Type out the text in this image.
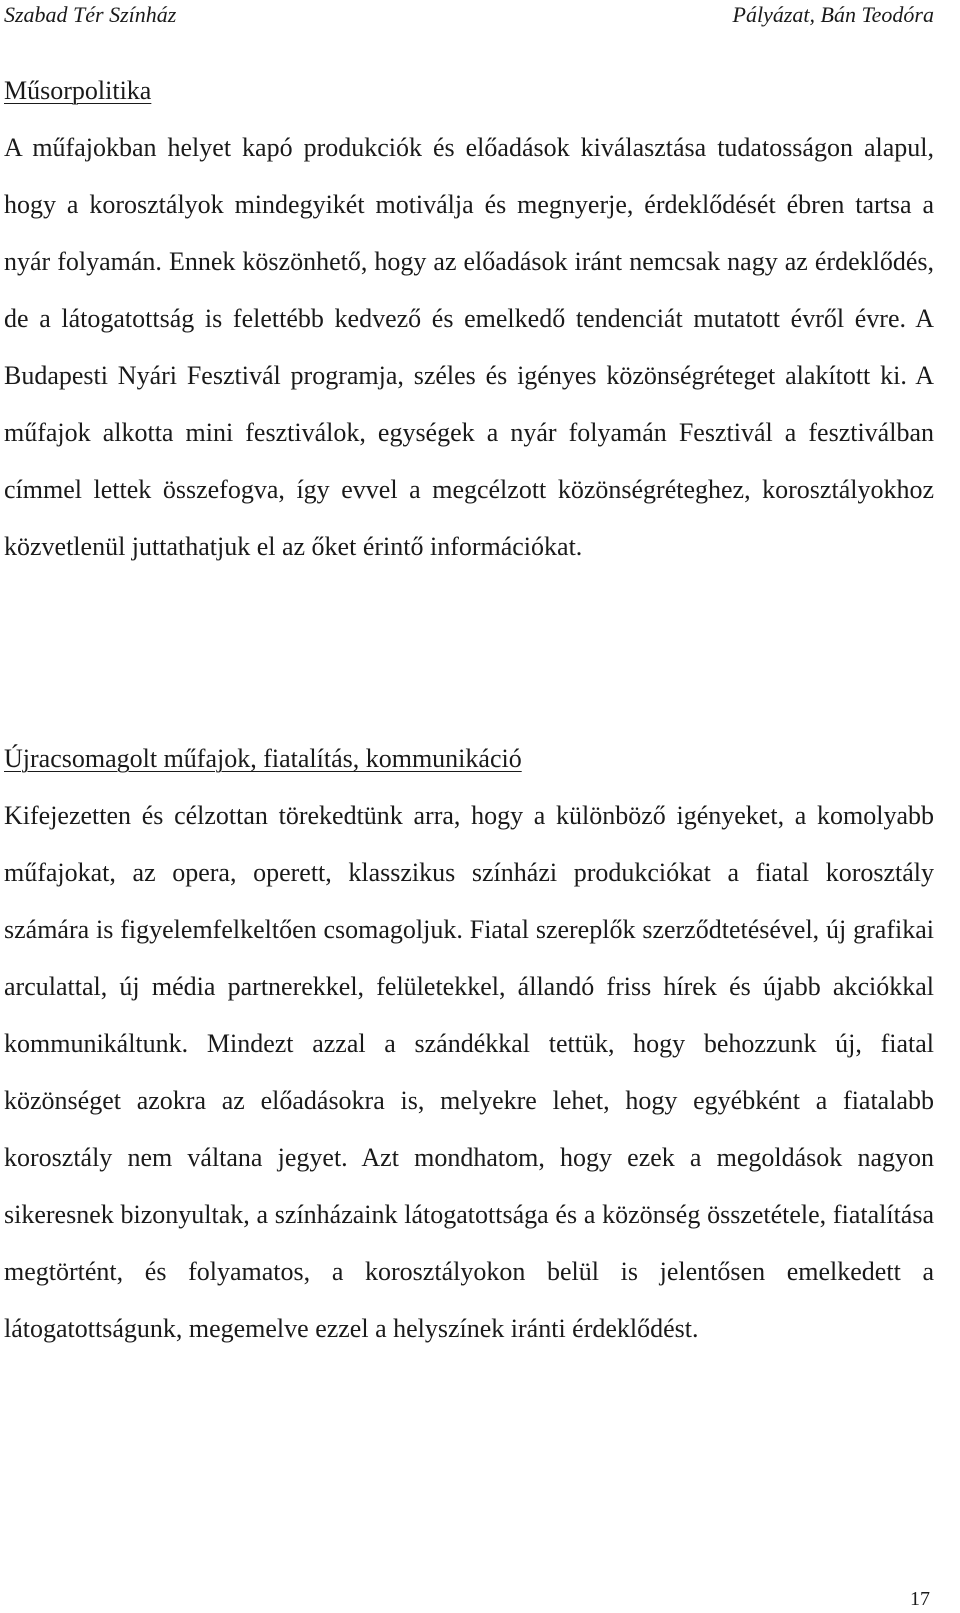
Szabad Tér Színház	Pályázat, Bán Teodóra
Műsorpolitika

A műfajokban helyet kapó produkciók és előadások kiválasztása tudatosságon alapul, hogy a korosztályok mindegyikét motiválja és megnyerje, érdeklődését ébren tartsa a nyár folyamán. Ennek köszönhető, hogy az előadások iránt nemcsak nagy az érdeklődés, de a látogatottság is felettébb kedvező és emelkedő tendenciát mutatott évről évre. A Budapesti Nyári Fesztivál programja, széles és igényes közönségréteget alakított ki. A műfajok alkotta mini fesztiválok, egységek a nyár folyamán Fesztivál a fesztiválban címmel lettek összefogva, így evvel a megcélzott közönségréteghez, korosztályokhoz közvetlenül juttathatjuk el az őket érintő információkat.

Újracsomagolt műfajok, fiatalítás, kommunikáció

Kifejezetten és célzottan törekedtünk arra, hogy a különböző igényeket, a komolyabb műfajokat, az opera, operett, klasszikus színházi produkciókat a fiatal korosztály számára is figyelemfelkeltően csomagoljuk. Fiatal szereplők szerződtetésével, új grafikai arculattal, új média partnerekkel, felületekkel, állandó friss hírek és újabb akciókkal kommunikáltunk. Mindezt azzal a szándékkal tettük, hogy behozzunk új, fiatal közönséget azokra az előadásokra is, melyekre lehet, hogy egyébként a fiatalabb korosztály nem váltana jegyet. Azt mondhatom, hogy ezek a megoldások nagyon sikeresnek bizonyultak, a színházaink látogatottsága és a közönség összetétele, fiatalítása megtörtént, és folyamatos, a korosztályokon belül is jelentősen emelkedett a látogatottságunk, megemelve ezzel a helyszínek iránti érdeklődést.

17
